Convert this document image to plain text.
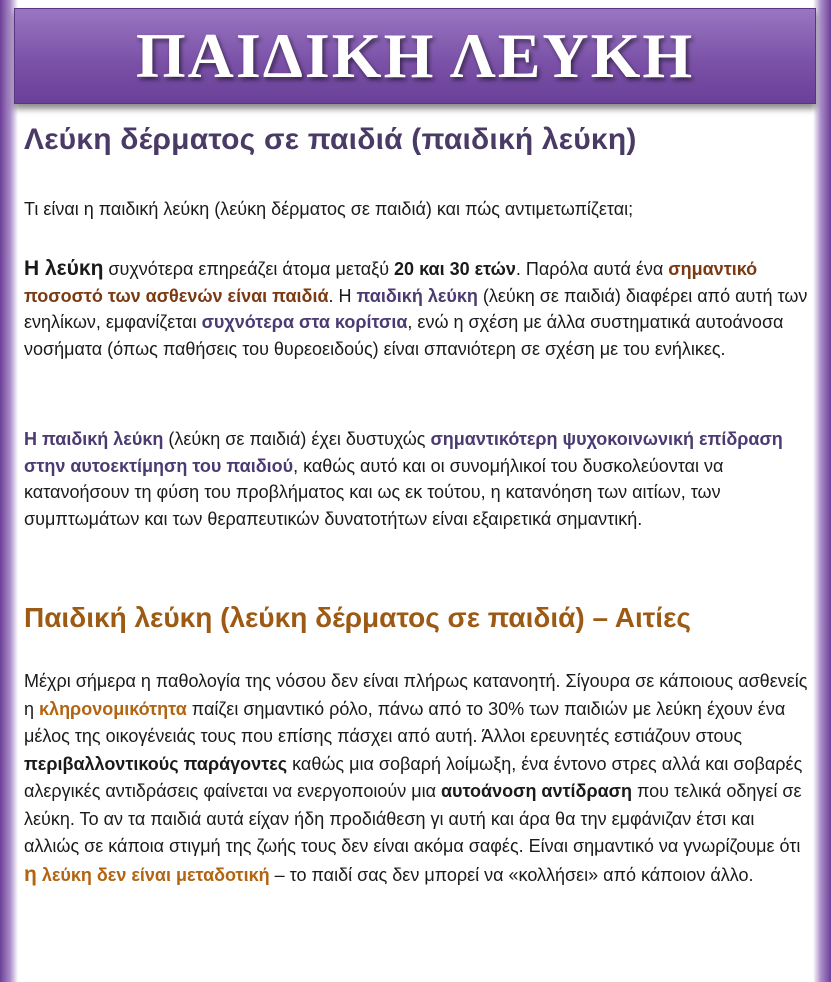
ΠΑΙΔΙΚΗ ΛΕΥΚΗ
Λεύκη δέρματος σε παιδιά (παιδική λεύκη)

Τι είναι η παιδική λεύκη (λεύκη δέρματος σε παιδιά) και πώς αντιμετωπίζεται;

Η λεύκη συχνότερα επηρεάζει άτομα μεταξύ 20 και 30 ετών. Παρόλα αυτά ένα σημαντικό ποσοστό των ασθενών είναι παιδιά. Η παιδική λεύκη (λεύκη σε παιδιά) διαφέρει από αυτή των ενηλίκων, εμφανίζεται συχνότερα στα κορίτσια, ενώ η σχέση με άλλα συστηματικά αυτοάνοσα νοσήματα (όπως παθήσεις του θυρεοειδούς) είναι σπανιότερη σε σχέση με του ενήλικες.

Η παιδική λεύκη (λεύκη σε παιδιά) έχει δυστυχώς σημαντικότερη ψυχοκοινωνική επίδραση στην αυτοεκτίμηση του παιδιού, καθώς αυτό και οι συνομήλικοί του δυσκολεύονται να κατανοήσουν τη φύση του προβλήματος και ως εκ τούτου, η κατανόηση των αιτίων, των συμπτωμάτων και των θεραπευτικών δυνατοτήτων είναι εξαιρετικά σημαντική.

Παιδική λεύκη (λεύκη δέρματος σε παιδιά) – Αιτίες

Μέχρι σήμερα η παθολογία της νόσου δεν είναι πλήρως κατανοητή. Σίγουρα σε κάποιους ασθενείς η κληρονομικότητα παίζει σημαντικό ρόλο, πάνω από το 30% των παιδιών με λεύκη έχουν ένα μέλος της οικογένειάς τους που επίσης πάσχει από αυτή. Άλλοι ερευνητές εστιάζουν στους περιβαλλοντικούς παράγοντες καθώς μια σοβαρή λοίμωξη, ένα έντονο στρες αλλά και σοβαρές αλεργικές αντιδράσεις φαίνεται να ενεργοποιούν μια αυτοάνοση αντίδραση που τελικά οδηγεί σε λεύκη. Το αν τα παιδιά αυτά είχαν ήδη προδιάθεση γι αυτή και άρα θα την εμφάνιζαν έτσι και αλλιώς σε κάποια στιγμή της ζωής τους δεν είναι ακόμα σαφές. Είναι σημαντικό να γνωρίζουμε ότι η λεύκη δεν είναι μεταδοτική – το παιδί σας δεν μπορεί να «κολλήσει» από κάποιον άλλο.
